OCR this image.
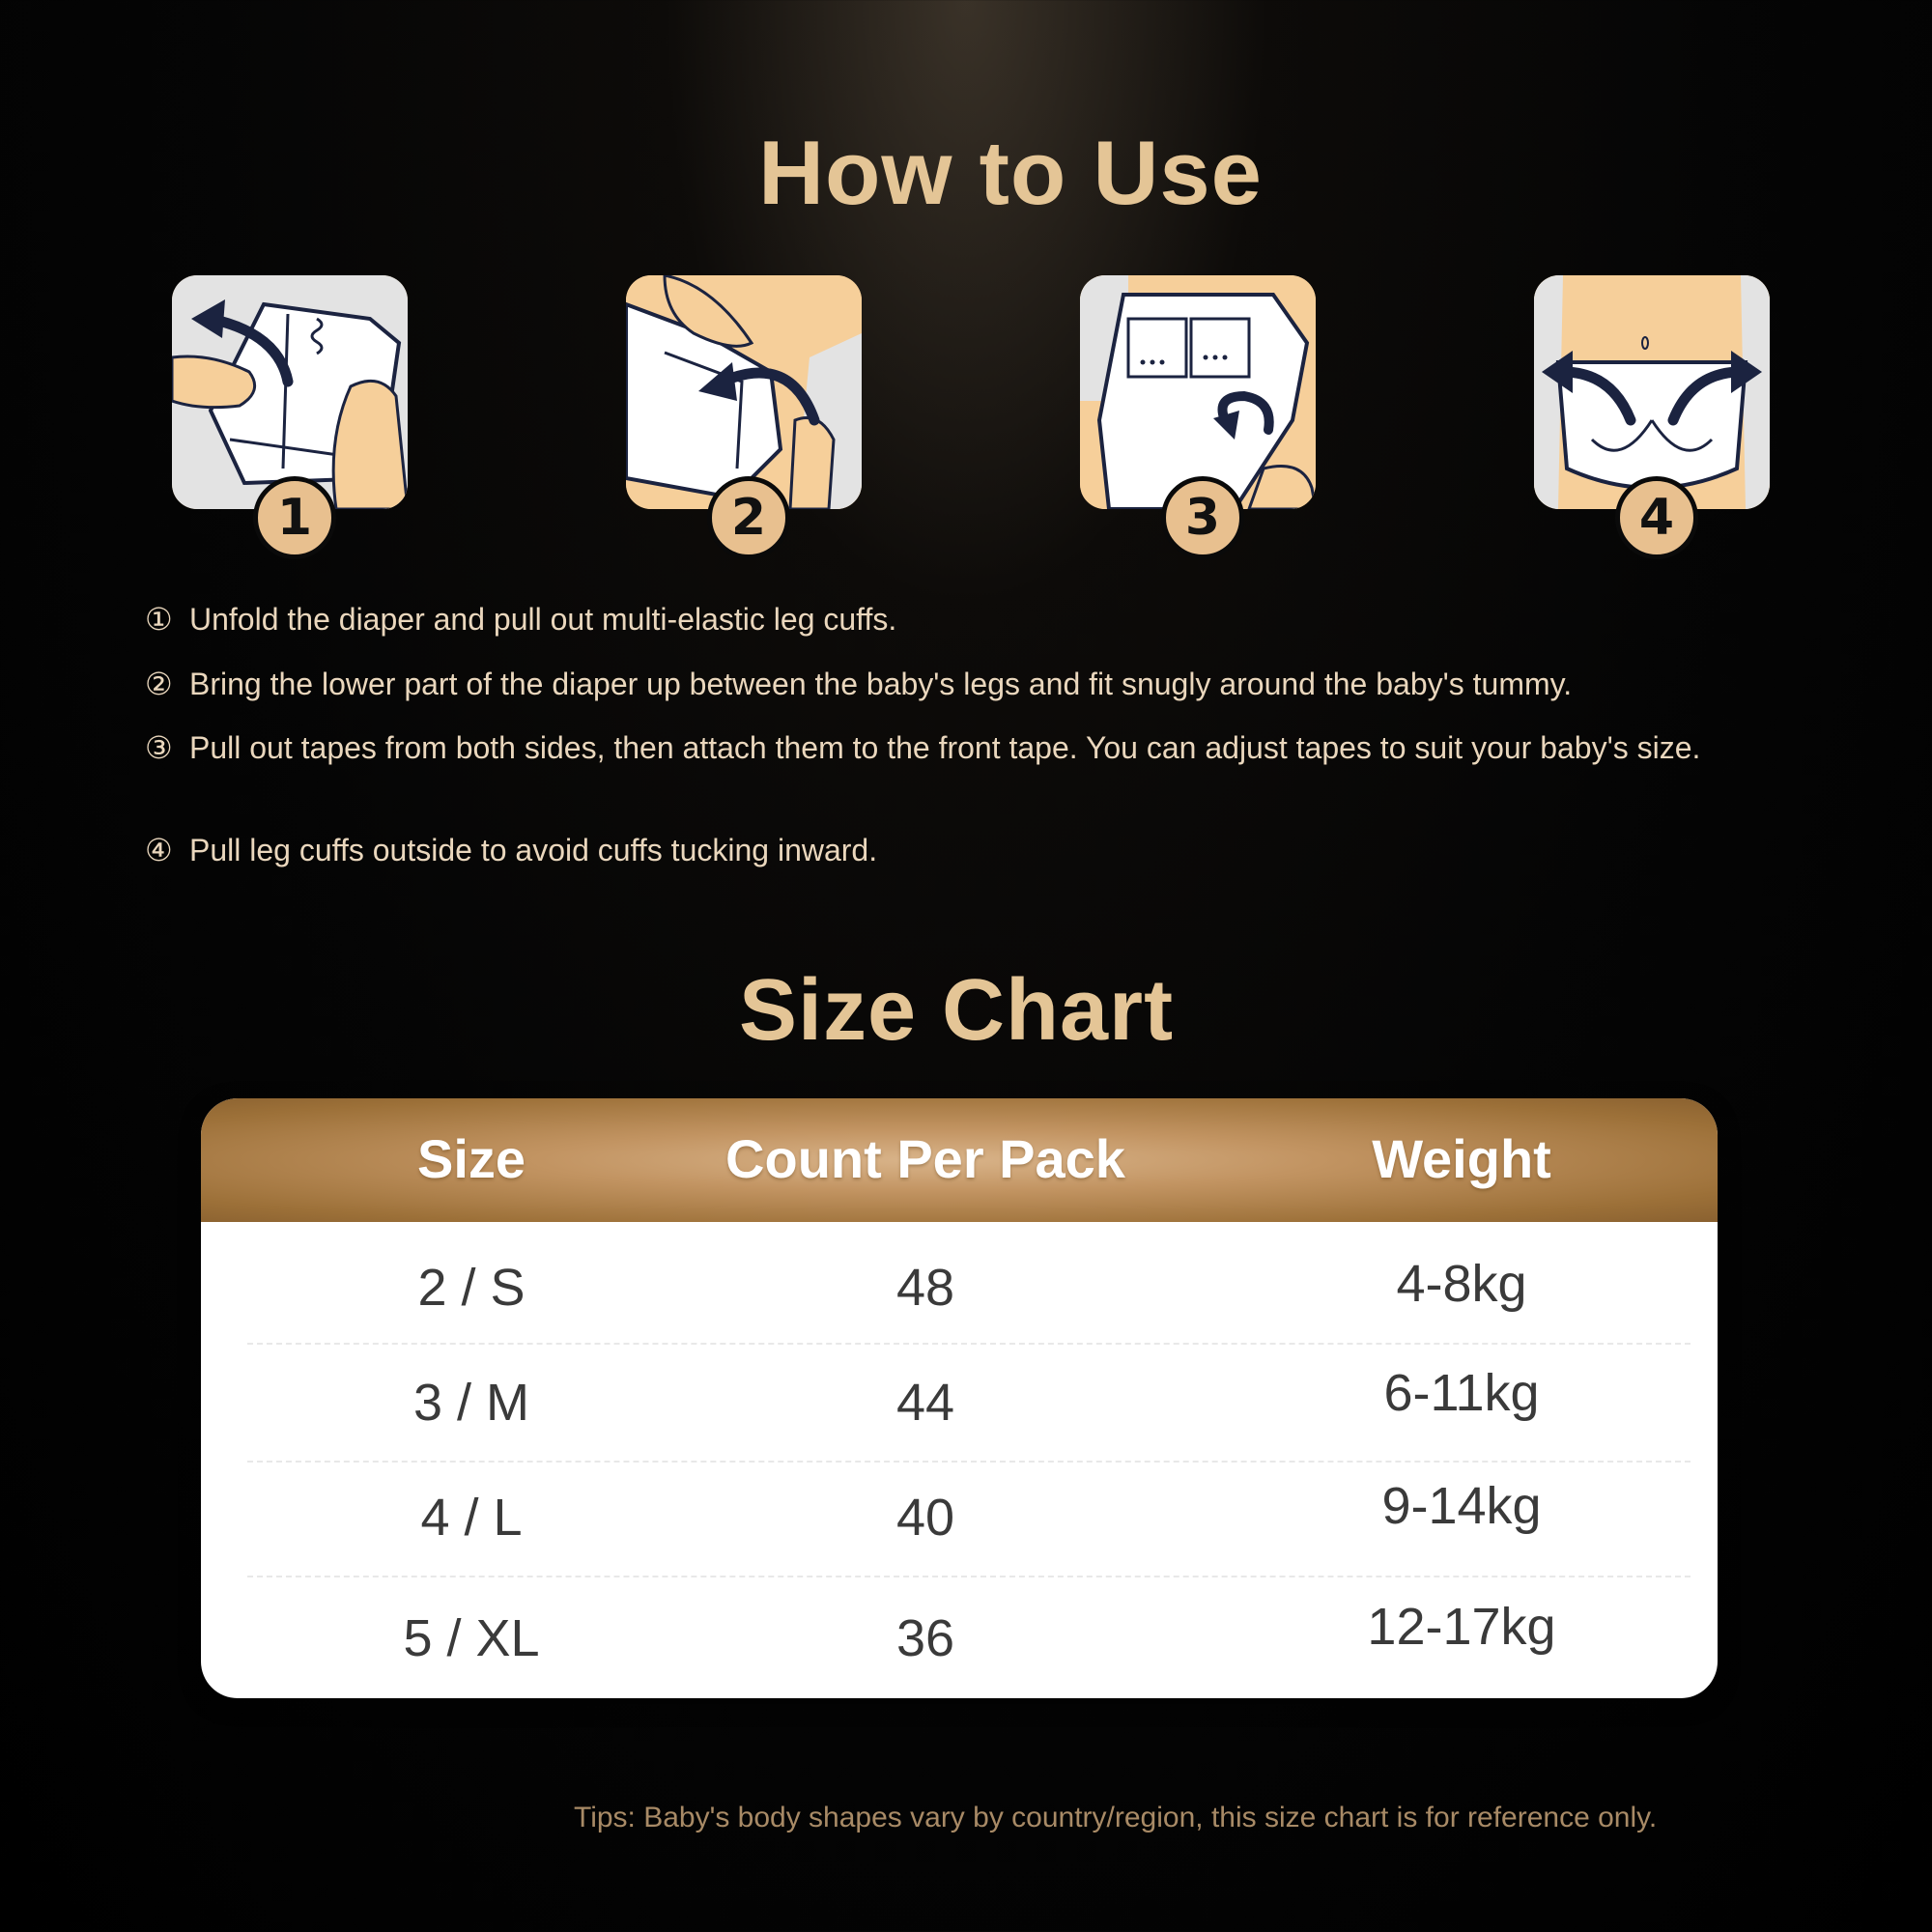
How to Use
1	2	3	4
① Unfold the diaper and pull out multi-elastic leg cuffs.
② Bring the lower part of the diaper up between the baby's legs and fit snugly around the baby's tummy.
③ Pull out tapes from both sides, then attach them to the front tape. You can adjust tapes to suit your baby's size.
④ Pull leg cuffs outside to avoid cuffs tucking inward.
Size Chart
Size	Count Per Pack	Weight
2 / S	48	4-8kg
3 / M	44	6-11kg
4 / L	40	9-14kg
5 / XL	36	12-17kg
Tips: Baby's body shapes vary by country/region, this size chart is for reference only.
